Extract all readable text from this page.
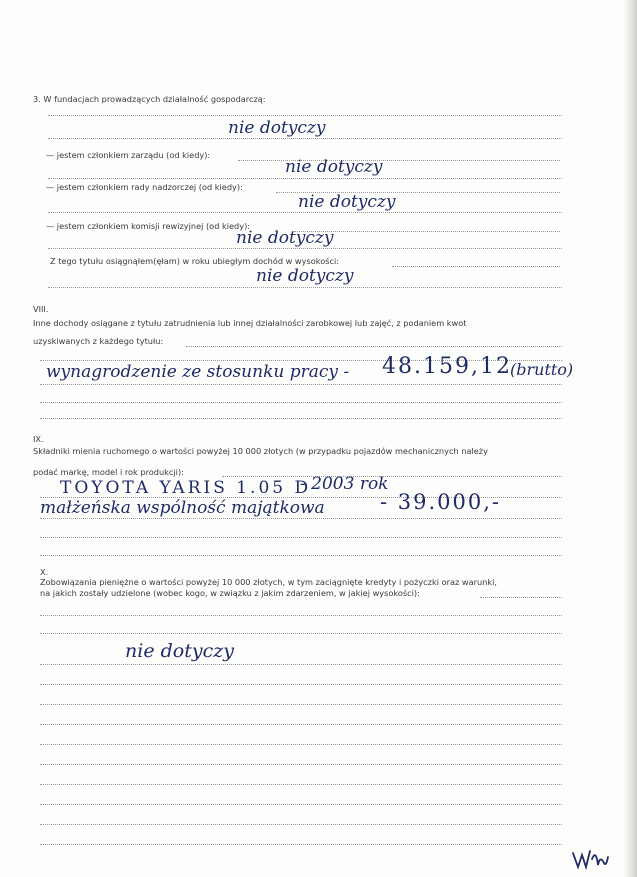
3. W fundacjach prowadzących działalność gospodarczą:
nie dotyczy
— jestem członkiem zarządu (od kiedy):
nie dotyczy
— jestem członkiem rady nadzorczej (od kiedy):
nie dotyczy
— jestem członkiem komisji rewizyjnej (od kiedy):
nie dotyczy
Z tego tytułu osiągnąłem(ęłam) w roku ubiegłym dochód w wysokości:
nie dotyczy
VIII.
Inne dochody osiągane z tytułu zatrudnienia lub innej działalności zarobkowej lub zajęć, z podaniem kwot
uzyskiwanych z każdego tytułu:
wynagrodzenie ze stosunku pracy - 48.159,12
(brutto)
IX.
Składniki mienia ruchomego o wartości powyżej 10 000 złotych (w przypadku pojazdów mechanicznych należy
podać markę, model i rok produkcji):
TOYOTA YARIS 1.05 D
- 2003 rok
małżeńska wspólność majątkowa	- 39.000,-
X.
Zobowiązania pieniężne o wartości powyżej 10 000 złotych, w tym zaciągnięte kredyty i pożyczki oraz warunki,
na jakich zostały udzielone (wobec kogo, w związku z jakim zdarzeniem, w jakiej wysokości):
nie dotyczy
